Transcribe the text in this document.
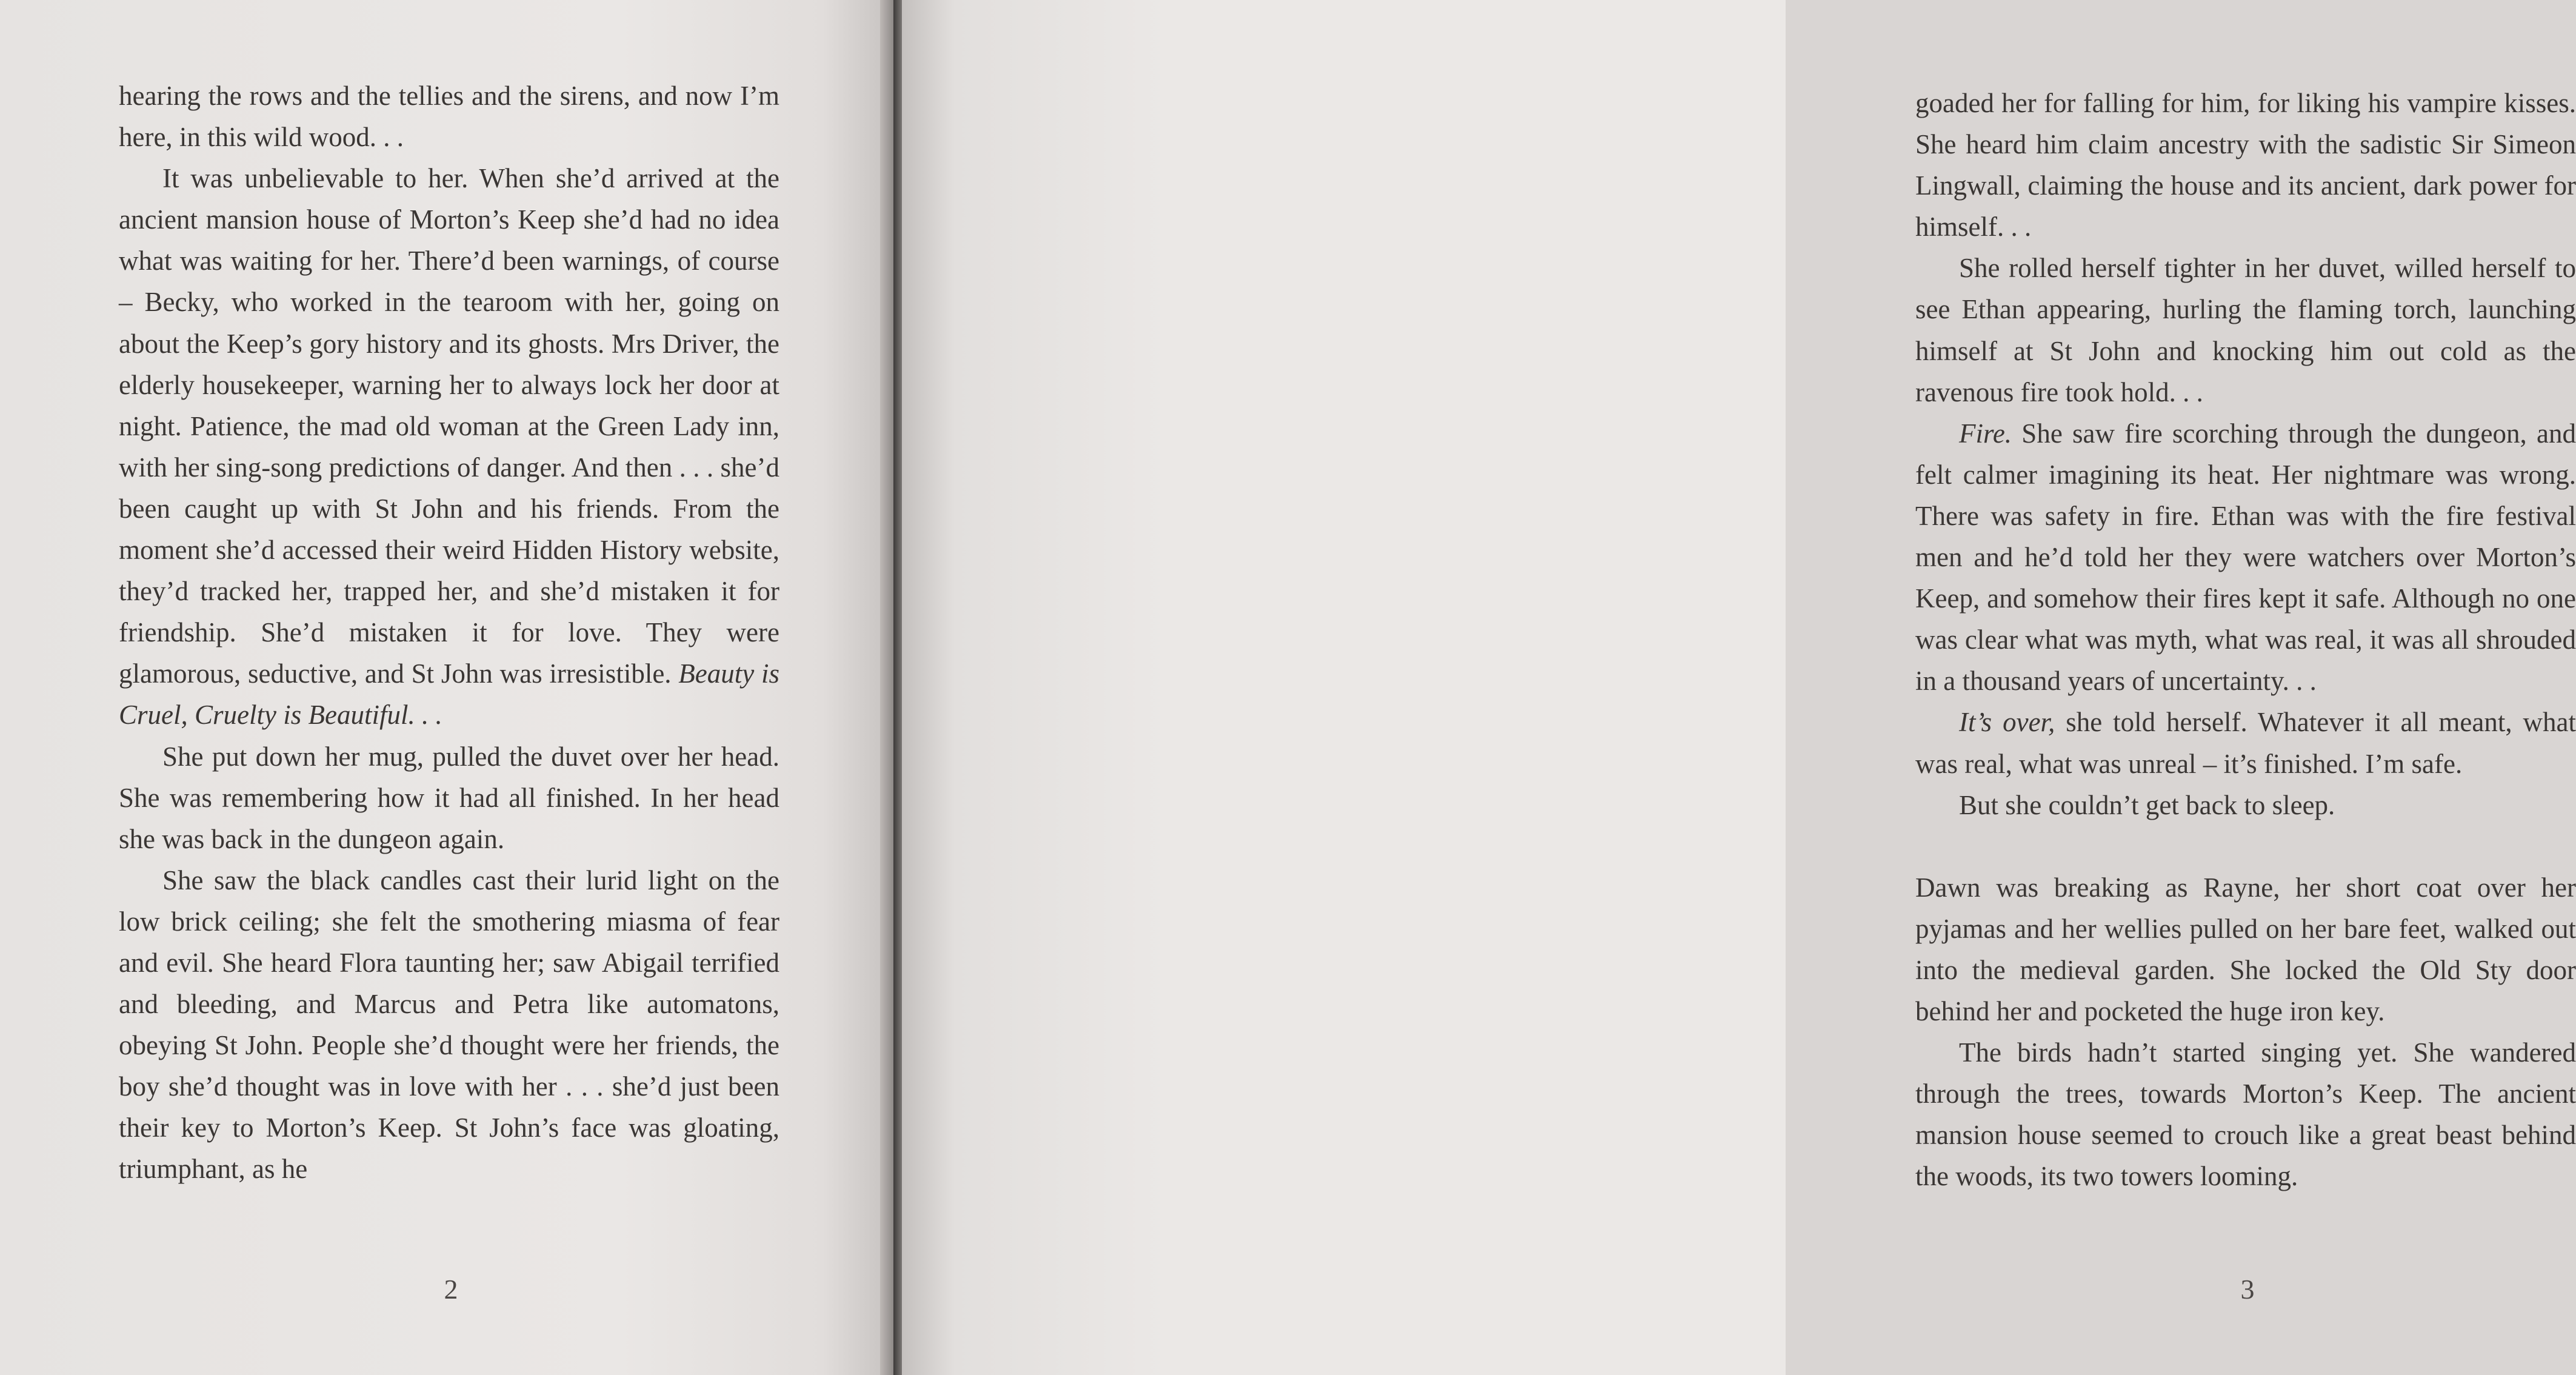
hearing the rows and the tellies and the sirens, and now I’m here, in this wild wood. . .

It was unbelievable to her. When she’d arrived at the ancient mansion house of Morton’s Keep she’d had no idea what was waiting for her. There’d been warnings, of course – Becky, who worked in the tearoom with her, going on about the Keep’s gory history and its ghosts. Mrs Driver, the elderly housekeeper, warning her to always lock her door at night. Patience, the mad old woman at the Green Lady inn, with her sing-song predictions of danger. And then . . . she’d been caught up with St John and his friends. From the moment she’d accessed their weird Hidden History website, they’d tracked her, trapped her, and she’d mistaken it for friendship. She’d mistaken it for love. They were glamorous, seductive, and St John was irresistible. Beauty is Cruel, Cruelty is Beautiful. . .

She put down her mug, pulled the duvet over her head. She was remembering how it had all finished. In her head she was back in the dungeon again.

She saw the black candles cast their lurid light on the low brick ceiling; she felt the smothering miasma of fear and evil. She heard Flora taunting her; saw Abigail terrified and bleeding, and Marcus and Petra like automatons, obeying St John. People she’d thought were her friends, the boy she’d thought was in love with her . . . she’d just been their key to Morton’s Keep. St John’s face was gloating, triumphant, as he

2

goaded her for falling for him, for liking his vampire kisses. She heard him claim ancestry with the sadistic Sir Simeon Lingwall, claiming the house and its ancient, dark power for himself. . .

She rolled herself tighter in her duvet, willed herself to see Ethan appearing, hurling the flaming torch, launching himself at St John and knocking him out cold as the ravenous fire took hold. . .

Fire. She saw fire scorching through the dungeon, and felt calmer imagining its heat. Her nightmare was wrong. There was safety in fire. Ethan was with the fire festival men and he’d told her they were watchers over Morton’s Keep, and somehow their fires kept it safe. Although no one was clear what was myth, what was real, it was all shrouded in a thousand years of uncertainty. . .

It’s over, she told herself. Whatever it all meant, what was real, what was unreal – it’s finished. I’m safe.

But she couldn’t get back to sleep.

Dawn was breaking as Rayne, her short coat over her pyjamas and her wellies pulled on her bare feet, walked out into the medieval garden. She locked the Old Sty door behind her and pocketed the huge iron key.

The birds hadn’t started singing yet. She wandered through the trees, towards Morton’s Keep. The ancient mansion house seemed to crouch like a great beast behind the woods, its two towers looming.

3
